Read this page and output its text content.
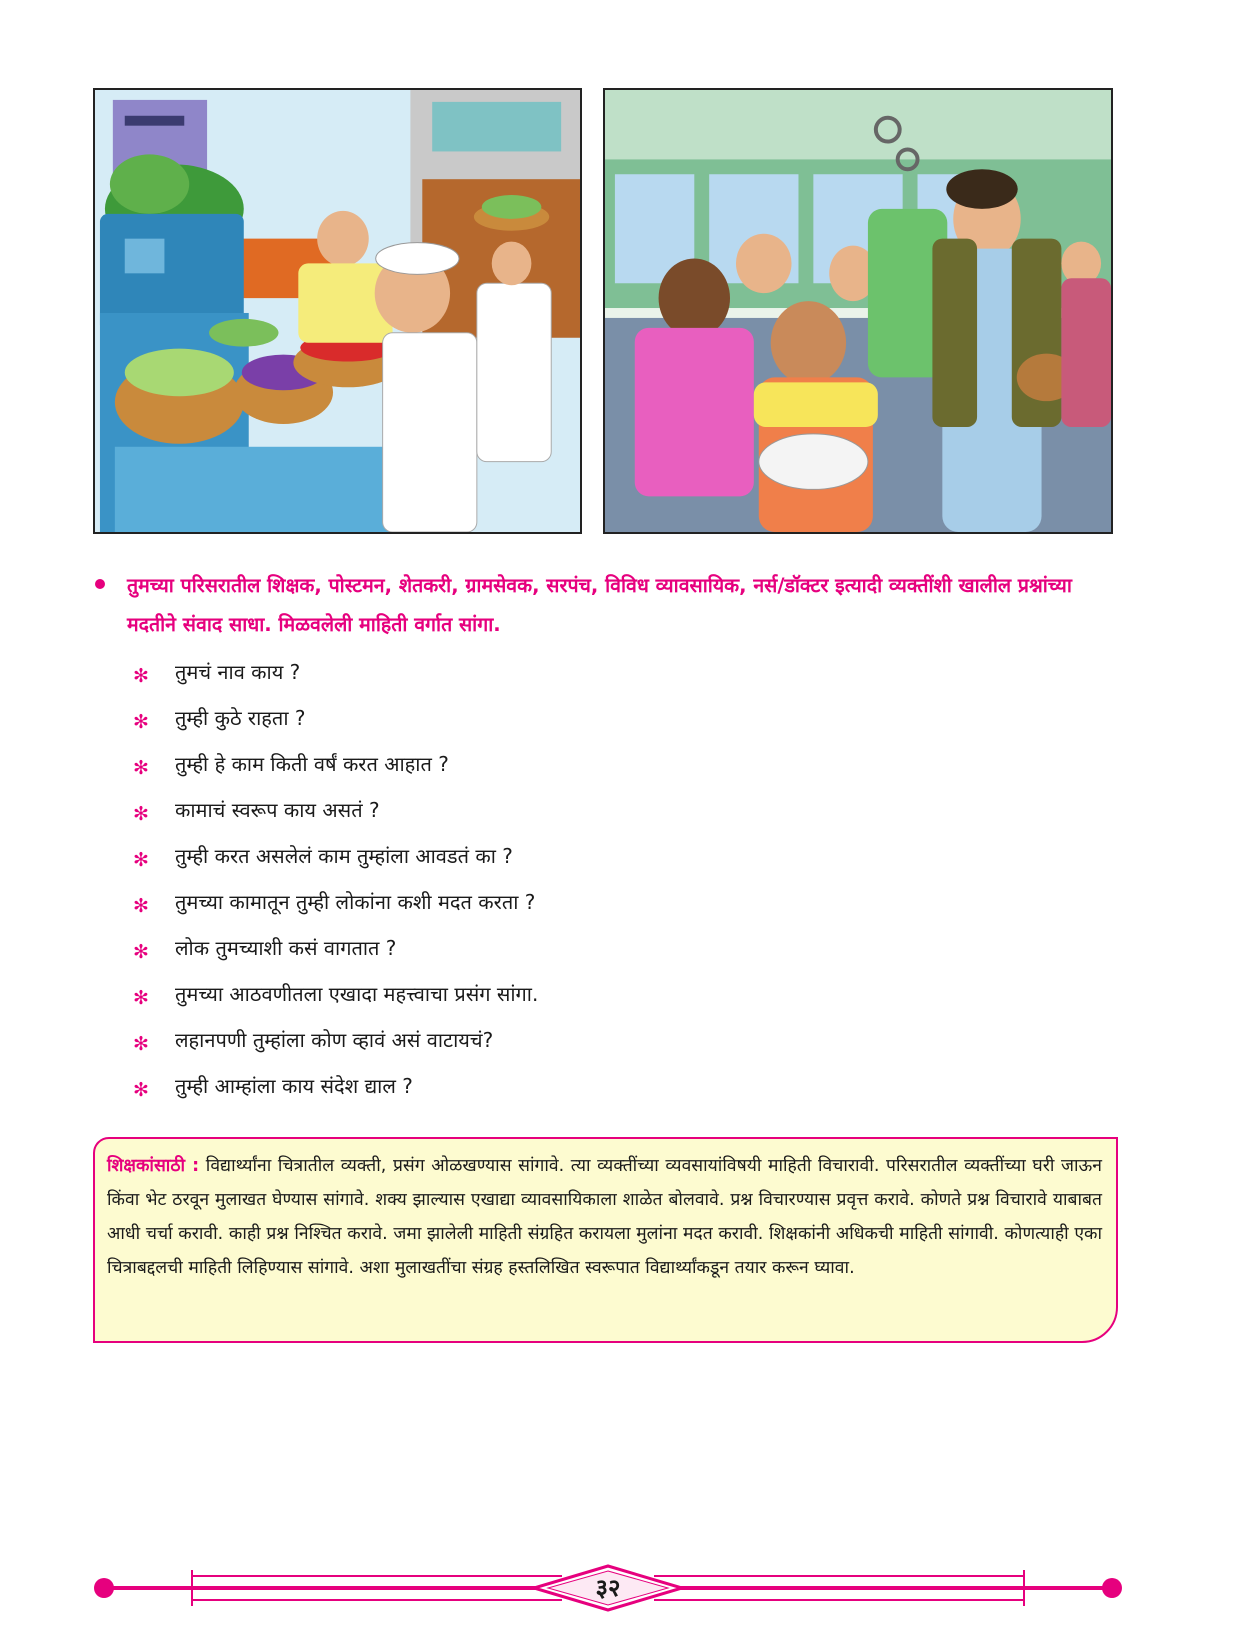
तुमच्या परिसरातील शिक्षक, पोस्टमन, शेतकरी, ग्रामसेवक, सरपंच, विविध व्यावसायिक, नर्स/डॉक्टर इत्यादी व्यक्तींशी खालील प्रश्नांच्या मदतीने संवाद साधा. मिळवलेली माहिती वर्गात सांगा.
✻ तुमचं नाव काय ?
✻ तुम्ही कुठे राहता ?
✻ तुम्ही हे काम किती वर्षं करत आहात ?
✻ कामाचं स्वरूप काय असतं ?
✻ तुम्ही करत असलेलं काम तुम्हांला आवडतं का ?
✻ तुमच्या कामातून तुम्ही लोकांना कशी मदत करता ?
✻ लोक तुमच्याशी कसं वागतात ?
✻ तुमच्या आठवणीतला एखादा महत्त्वाचा प्रसंग सांगा.
✻ लहानपणी तुम्हांला कोण व्हावं असं वाटायचं?
✻ तुम्ही आम्हांला काय संदेश द्याल ?
शिक्षकांसाठी : विद्यार्थ्यांना चित्रातील व्यक्ती, प्रसंग ओळखण्यास सांगावे. त्या व्यक्तींच्या व्यवसायांविषयी माहिती विचारावी. परिसरातील व्यक्तींच्या घरी जाऊन किंवा भेट ठरवून मुलाखत घेण्यास सांगावे. शक्य झाल्यास एखाद्या व्यावसायिकाला शाळेत बोलवावे. प्रश्न विचारण्यास प्रवृत्त करावे. कोणते प्रश्न विचारावे याबाबत आधी चर्चा करावी. काही प्रश्न निश्चित करावे. जमा झालेली माहिती संग्रहित करायला मुलांना मदत करावी. शिक्षकांनी अधिकची माहिती सांगावी. कोणत्याही एका चित्राबद्दलची माहिती लिहिण्यास सांगावे. अशा मुलाखतींचा संग्रह हस्तलिखित स्वरूपात विद्यार्थ्यांकडून तयार करून घ्यावा.
३२
